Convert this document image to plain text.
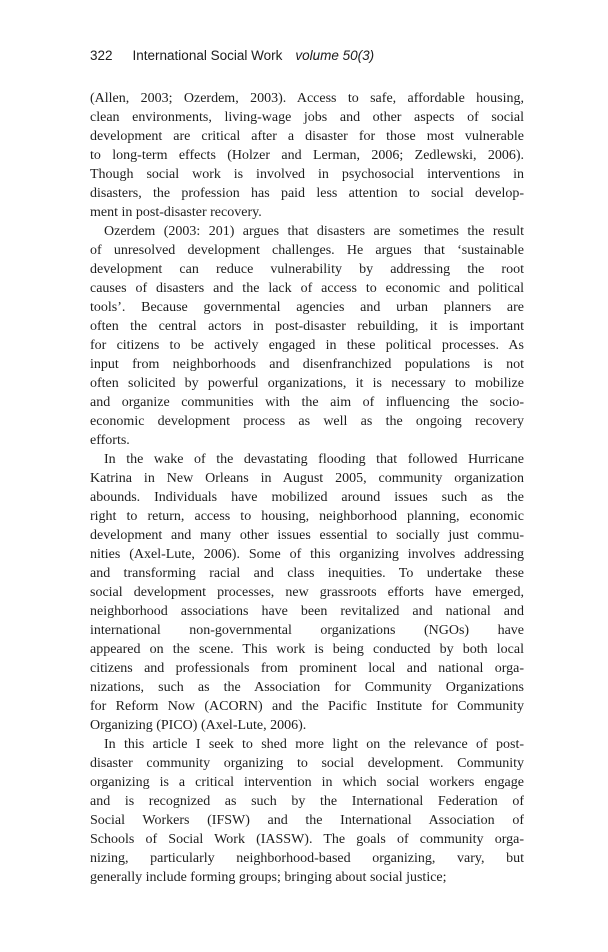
322 International Social Work volume 50(3)
(Allen, 2003; Ozerdem, 2003). Access to safe, affordable housing,
clean environments, living-wage jobs and other aspects of social
development are critical after a disaster for those most vulnerable
to long-term effects (Holzer and Lerman, 2006; Zedlewski, 2006).
Though social work is involved in psychosocial interventions in
disasters, the profession has paid less attention to social develop-
ment in post-disaster recovery.
Ozerdem (2003: 201) argues that disasters are sometimes the result
of unresolved development challenges. He argues that ‘sustainable
development can reduce vulnerability by addressing the root
causes of disasters and the lack of access to economic and political
tools’. Because governmental agencies and urban planners are
often the central actors in post-disaster rebuilding, it is important
for citizens to be actively engaged in these political processes. As
input from neighborhoods and disenfranchized populations is not
often solicited by powerful organizations, it is necessary to mobilize
and organize communities with the aim of influencing the socio-
economic development process as well as the ongoing recovery
efforts.
In the wake of the devastating flooding that followed Hurricane
Katrina in New Orleans in August 2005, community organization
abounds. Individuals have mobilized around issues such as the
right to return, access to housing, neighborhood planning, economic
development and many other issues essential to socially just commu-
nities (Axel-Lute, 2006). Some of this organizing involves addressing
and transforming racial and class inequities. To undertake these
social development processes, new grassroots efforts have emerged,
neighborhood associations have been revitalized and national and
international non-governmental organizations (NGOs) have
appeared on the scene. This work is being conducted by both local
citizens and professionals from prominent local and national orga-
nizations, such as the Association for Community Organizations
for Reform Now (ACORN) and the Pacific Institute for Community
Organizing (PICO) (Axel-Lute, 2006).
In this article I seek to shed more light on the relevance of post-
disaster community organizing to social development. Community
organizing is a critical intervention in which social workers engage
and is recognized as such by the International Federation of
Social Workers (IFSW) and the International Association of
Schools of Social Work (IASSW). The goals of community orga-
nizing, particularly neighborhood-based organizing, vary, but
generally include forming groups; bringing about social justice;
